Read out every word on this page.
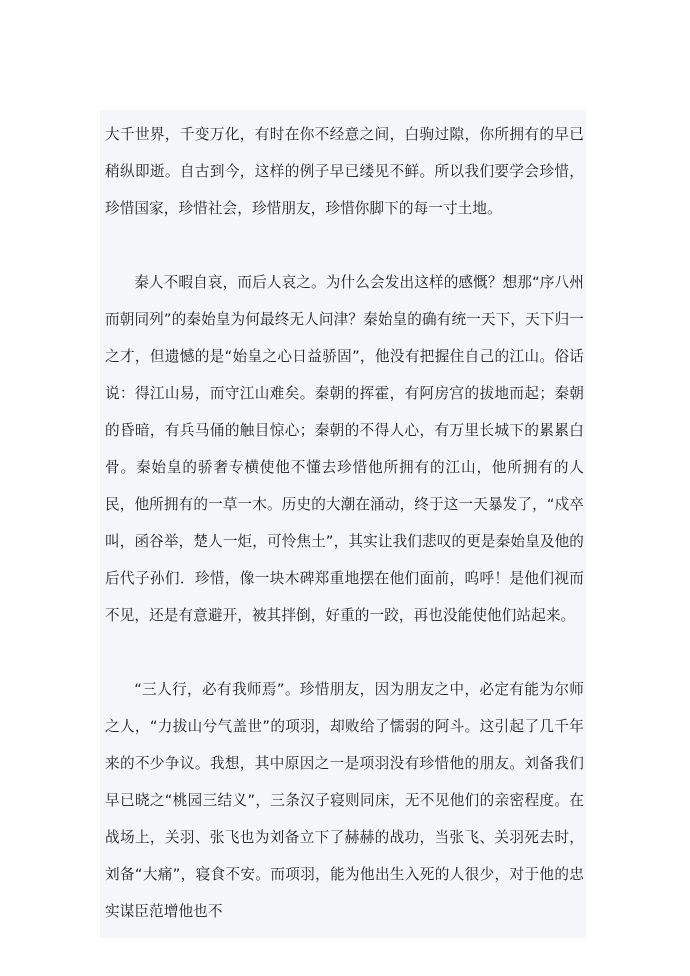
大千世界，千变万化，有时在你不经意之间，白驹过隙，你所拥有的早已稍纵即逝。自古到今，这样的例子早已缕见不鲜。所以我们要学会珍惜，珍惜国家，珍惜社会，珍惜朋友，珍惜你脚下的每一寸土地。

秦人不暇自哀，而后人哀之。为什么会发出这样的感慨？想那“序八州而朝同列”的秦始皇为何最终无人问津？秦始皇的确有统一天下，天下归一之才，但遗憾的是“始皇之心日益骄固”，他没有把握住自己的江山。俗话说：得江山易，而守江山难矣。秦朝的挥霍，有阿房宫的拔地而起；秦朝的昏暗，有兵马俑的触目惊心；秦朝的不得人心，有万里长城下的累累白骨。秦始皇的骄奢专横使他不懂去珍惜他所拥有的江山，他所拥有的人民，他所拥有的一草一木。历史的大潮在涌动，终于这一天暴发了，“戍卒叫，函谷举，楚人一炬，可怜焦土”，其实让我们悲叹的更是秦始皇及他的后代子孙们．珍惜，像一块木碑郑重地摆在他们面前，呜呼！是他们视而不见，还是有意避开，被其拌倒，好重的一跤，再也没能使他们站起来。

“三人行，必有我师焉”。珍惜朋友，因为朋友之中，必定有能为尔师之人，“力拔山兮气盖世”的项羽，却败给了懦弱的阿斗。这引起了几千年来的不少争议。我想，其中原因之一是项羽没有珍惜他的朋友。刘备我们早已晓之“桃园三结义”，三条汉子寝则同床，无不见他们的亲密程度。在战场上，关羽、张飞也为刘备立下了赫赫的战功，当张飞、关羽死去时，刘备“大痛”，寝食不安。而项羽，能为他出生入死的人很少，对于他的忠实谋臣范增他也不
